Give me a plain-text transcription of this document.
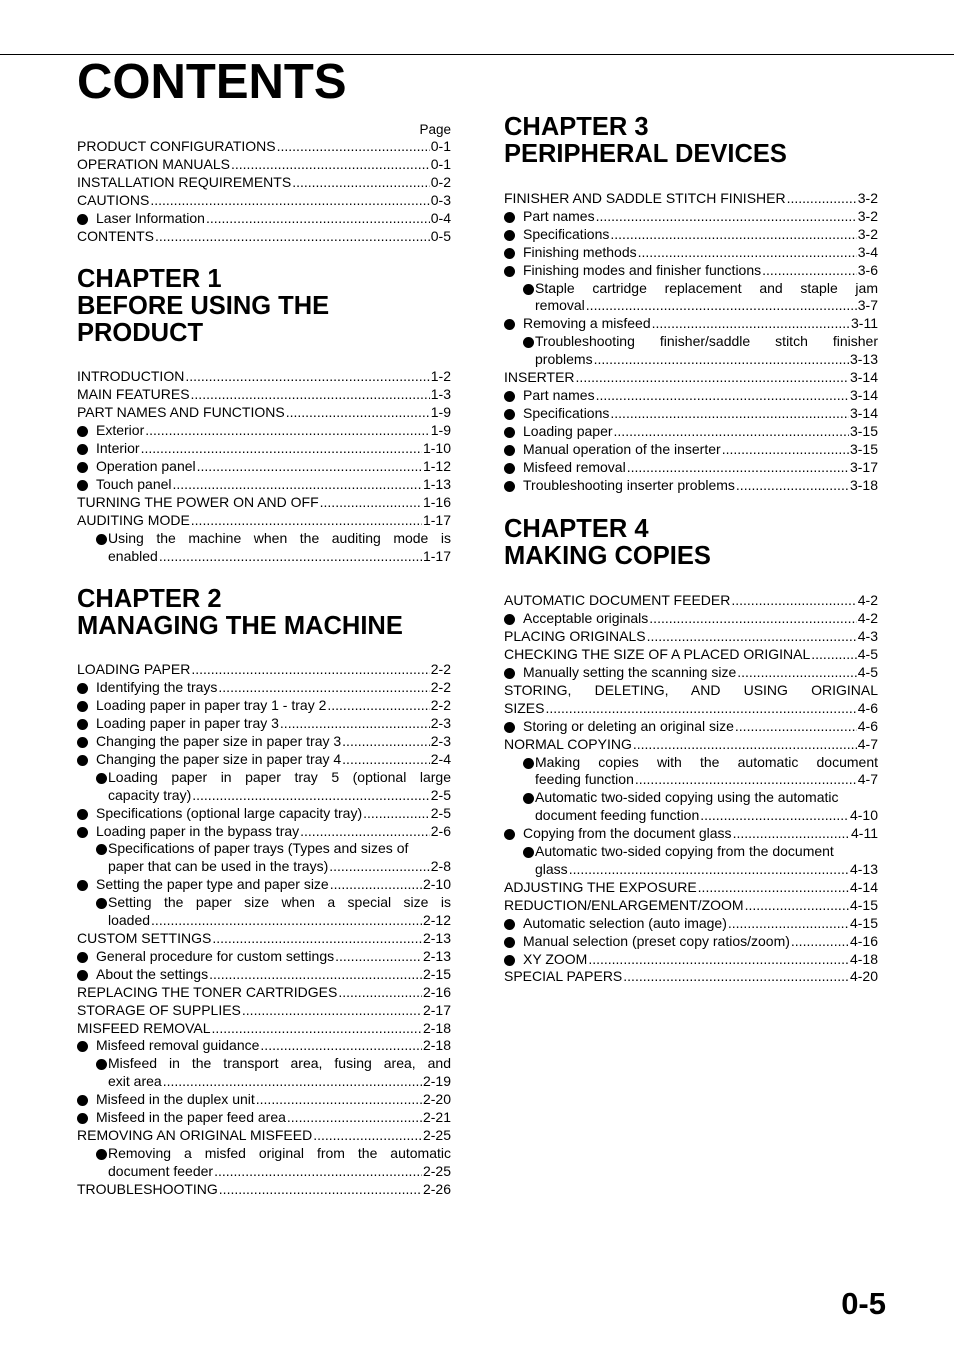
CONTENTS
Page
PRODUCT CONFIGURATIONS .....	0-1
OPERATION MANUALS .....	0-1
INSTALLATION REQUIREMENTS .....	0-2
CAUTIONS .....	0-3
Laser Information .....	0-4
CONTENTS .....	0-5
CHAPTER 1
BEFORE USING THE PRODUCT
INTRODUCTION .....	1-2
MAIN FEATURES .....	1-3
PART NAMES AND FUNCTIONS .....	1-9
Exterior .....	1-9
Interior .....	1-10
Operation panel .....	1-12
Touch panel .....	1-13
TURNING THE POWER ON AND OFF .....	1-16
AUDITING MODE .....	1-17
Using the machine when the auditing mode is
enabled .....	1-17
CHAPTER 2
MANAGING THE MACHINE
LOADING PAPER .....	2-2
Identifying the trays .....	2-2
Loading paper in paper tray 1 - tray 2 .....	2-2
Loading paper in paper tray 3 .....	2-3
Changing the paper size in paper tray 3 .....	2-3
Changing the paper size in paper tray 4 .....	2-4
Loading paper in paper tray 5 (optional large
capacity tray) .....	2-5
Specifications (optional large capacity tray) .....	2-5
Loading paper in the bypass tray .....	2-6
Specifications of paper trays (Types and sizes of
paper that can be used in the trays) .....	2-8
Setting the paper type and paper size .....	2-10
Setting the paper size when a special size is
loaded .....	2-12
CUSTOM SETTINGS .....	2-13
General procedure for custom settings .....	2-13
About the settings .....	2-15
REPLACING THE TONER CARTRIDGES .....	2-16
STORAGE OF SUPPLIES .....	2-17
MISFEED REMOVAL .....	2-18
Misfeed removal guidance .....	2-18
Misfeed in the transport area, fusing area, and
exit area .....	2-19
Misfeed in the duplex unit .....	2-20
Misfeed in the paper feed area .....	2-21
REMOVING AN ORIGINAL MISFEED .....	2-25
Removing a misfed original from the automatic
document feeder .....	2-25
TROUBLESHOOTING .....	2-26
CHAPTER 3
PERIPHERAL DEVICES
FINISHER AND SADDLE STITCH FINISHER .....	3-2
Part names .....	3-2
Specifications .....	3-2
Finishing methods .....	3-4
Finishing modes and finisher functions .....	3-6
Staple cartridge replacement and staple jam
removal .....	3-7
Removing a misfeed .....	3-11
Troubleshooting finisher/saddle stitch finisher
problems .....	3-13
INSERTER .....	3-14
Part names .....	3-14
Specifications .....	3-14
Loading paper .....	3-15
Manual operation of the inserter .....	3-15
Misfeed removal .....	3-17
Troubleshooting inserter problems .....	3-18
CHAPTER 4
MAKING COPIES
AUTOMATIC DOCUMENT FEEDER .....	4-2
Acceptable originals .....	4-2
PLACING ORIGINALS .....	4-3
CHECKING THE SIZE OF A PLACED ORIGINAL .....	4-5
Manually setting the scanning size .....	4-5
STORING, DELETING, AND USING ORIGINAL
SIZES .....	4-6
Storing or deleting an original size .....	4-6
NORMAL COPYING .....	4-7
Making copies with the automatic document
feeding function .....	4-7
Automatic two-sided copying using the automatic
document feeding function .....	4-10
Copying from the document glass .....	4-11
Automatic two-sided copying from the document
glass .....	4-13
ADJUSTING THE EXPOSURE .....	4-14
REDUCTION/ENLARGEMENT/ZOOM .....	4-15
Automatic selection (auto image) .....	4-15
Manual selection (preset copy ratios/zoom) .....	4-16
XY ZOOM .....	4-18
SPECIAL PAPERS .....	4-20
0-5
